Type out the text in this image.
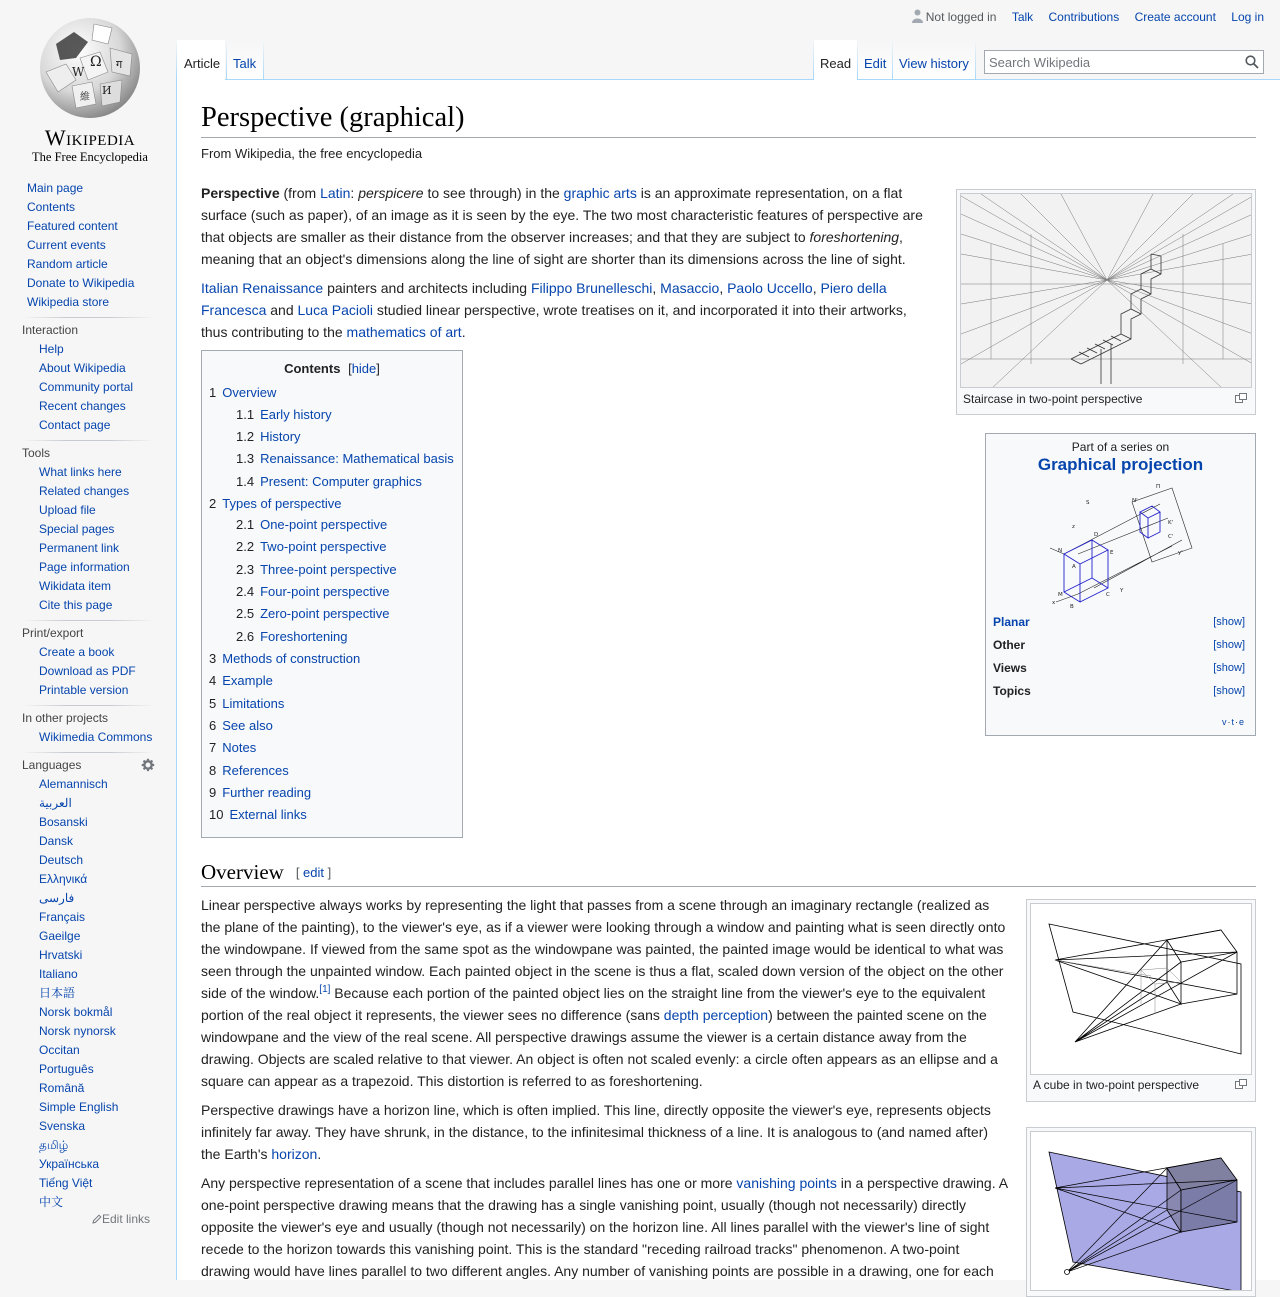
Ω
W
И
ग
維
Wikipedia
The Free Encyclopedia
Main page
Contents
Featured content
Current events
Random article
Donate to Wikipedia
Wikipedia store
Interaction
Help
About Wikipedia
Community portal
Recent changes
Contact page
Tools
What links here
Related changes
Upload file
Special pages
Permanent link
Page information
Wikidata item
Cite this page
Print/export
Create a book
Download as PDF
Printable version
In other projects
Wikimedia Commons
Languages
Alemannisch
العربية
Bosanski
Dansk
Deutsch
Ελληνικά
فارسی
Français
Gaeilge
Hrvatski
Italiano
日本語
Norsk bokmål
Norsk nynorsk
Occitan
Português
Română
Simple English
Svenska
தமிழ்
Українська
Tiếng Việt
中文
Edit links
Not logged in Talk Contributions Create account Log in
Article Talk	Read Edit View history
Search Wikipedia
Perspective (graphical)
From Wikipedia, the free encyclopedia
Perspective (from Latin: perspicere to see through) in the graphic arts is an approximate representation, on a flat surface (such as paper), of an image as it is seen by the eye. The two most characteristic features of perspective are that objects are smaller as their distance from the observer increases; and that they are subject to foreshortening, meaning that an object's dimensions along the line of sight are shorter than its dimensions across the line of sight.
Italian Renaissance painters and architects including Filippo Brunelleschi, Masaccio, Paolo Uccello, Piero della Francesca and Luca Pacioli studied linear perspective, wrote treatises on it, and incorporated it into their artworks, thus contributing to the mathematics of art.
Contents [hide]
1 Overview
1.1 Early history
1.2 History
1.3 Renaissance: Mathematical basis
1.4 Present: Computer graphics
2 Types of perspective
2.1 One-point perspective
2.2 Two-point perspective
2.3 Three-point perspective
2.4 Four-point perspective
2.5 Zero-point perspective
2.6 Foreshortening
3 Methods of construction
4 Example
5 Limitations
6 See also
7 Notes
8 References
9 Further reading
10 External links
Staircase in two-point perspective
Part of a series on
Graphical projection
S
z
N
A
M
B
D
E
C
Y
x
N'
K'
y'
C'
Π
Planar	[show]
Other	[show]
Views	[show]
Topics	[show]
v·t·e
Overview [ edit ]
Linear perspective always works by representing the light that passes from a scene through an imaginary rectangle (realized as the plane of the painting), to the viewer's eye, as if a viewer were looking through a window and painting what is seen directly onto the windowpane. If viewed from the same spot as the windowpane was painted, the painted image would be identical to what was seen through the unpainted window. Each painted object in the scene is thus a flat, scaled down version of the object on the other side of the window.[1] Because each portion of the painted object lies on the straight line from the viewer's eye to the equivalent portion of the real object it represents, the viewer sees no difference (sans depth perception) between the painted scene on the windowpane and the view of the real scene. All perspective drawings assume the viewer is a certain distance away from the drawing. Objects are scaled relative to that viewer. An object is often not scaled evenly: a circle often appears as an ellipse and a square can appear as a trapezoid. This distortion is referred to as foreshortening.
Perspective drawings have a horizon line, which is often implied. This line, directly opposite the viewer's eye, represents objects infinitely far away. They have shrunk, in the distance, to the infinitesimal thickness of a line. It is analogous to (and named after) the Earth's horizon.
Any perspective representation of a scene that includes parallel lines has one or more vanishing points in a perspective drawing. A one-point perspective drawing means that the drawing has a single vanishing point, usually (though not necessarily) directly opposite the viewer's eye and usually (though not necessarily) on the horizon line. All lines parallel with the viewer's line of sight recede to the horizon towards this vanishing point. This is the standard "receding railroad tracks" phenomenon. A two-point drawing would have lines parallel to two different angles. Any number of vanishing points are possible in a drawing, one for each
A cube in two-point perspective
